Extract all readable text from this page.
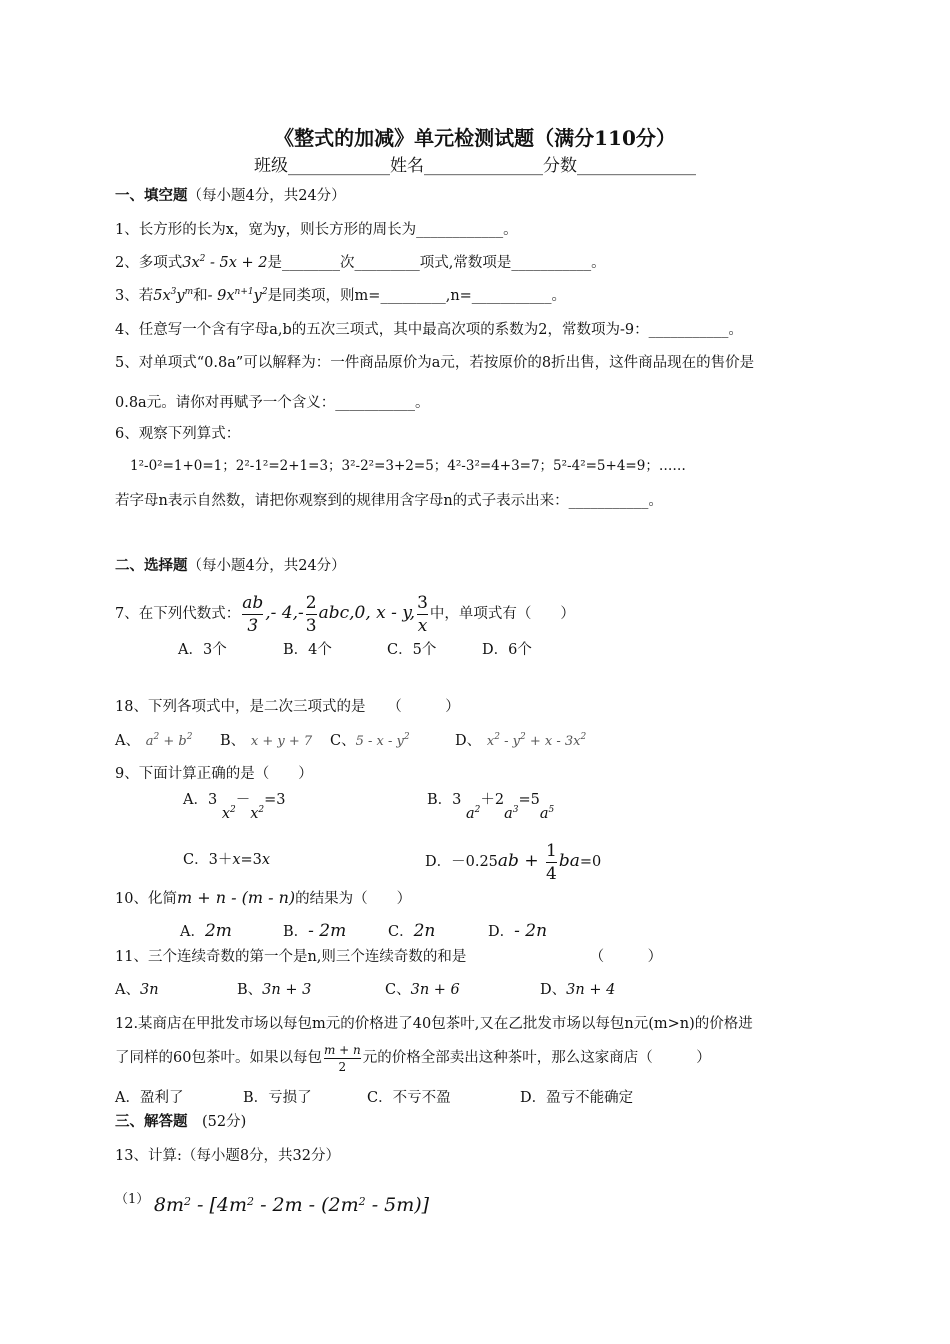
《整式的加减》单元检测试题（满分110分）
班级____________姓名______________分数______________
一、填空题（每小题4分，共24分）
1、长方形的长为x，宽为y，则长方形的周长为____________。
2、多项式$3x^2 - 5x + 2$是________次_________项式,常数项是___________。
3、若$5x^3y^m$和- $9x^{n+1}y^2$是同类项，则m=_________,n=___________。
4、任意写一个含有字母a,b的五次三项式，其中最高次项的系数为2，常数项为-9：___________。
5、对单项式“0.8a”可以解释为：一件商品原价为a元，若按原价的8折出售，这件商品现在的售价是
0.8a元。请你对再赋予一个含义：___________。
6、观察下列算式：
1²-0²=1+0=1；2²-1²=2+1=3；3²-2²=3+2=5；4²-3²=4+3=7；5²-4²=5+4=9；……
若字母n表示自然数，请把你观察到的规律用含字母n的式子表示出来：___________。
二、选择题（每小题4分，共24分）
7、在下列代数式： $\frac{ab}{3}$ ,- $4,- \frac{2}{3} abc,0$, x - y, $\frac{3}{x}$ 中，单项式有（　　）
A．3个	B．4个	C．5个	D．6个
18、下列各项式中，是二次三项式的是　　（　　　）
A、　$a^2 + b^2$ B、　x + y + 7 C、5 - x - $y^2$	D、　$x^2 - y^2 + x - 3x^2$
9、下面计算正确的是（　　）
A．3 $x^2-x^2=3$	B．3 $a^2+2a^3=5a^5$
C．3＋x=3x	D．$-0.25ab + \frac{1}{4} ba=0$
10、化简m + n - (m - n)的结果为（　　）
A．2m	B．- 2m	C．2n	D．- 2n
11、三个连续奇数的第一个是n,则三个连续奇数的和是　　　　　　　　　（　　　）
A、3n	B、3n + 3	C、3n + 6	D、3n + 4
12.某商店在甲批发市场以每包m元的价格进了40包茶叶,又在乙批发市场以每包n元(m>n)的价格进
了同样的60包茶叶。如果以每包 $\frac{m + n}{2}$ 元的价格全部卖出这种茶叶，那么这家商店（　　　）
A．盈利了	B．亏损了	C．不亏不盈	D．盈亏不能确定
三、解答题　(52分)
13、计算:（每小题8分，共32分）
（1） $8m^2 - [4m^2 - 2m - (2m^2 - 5m)]$
